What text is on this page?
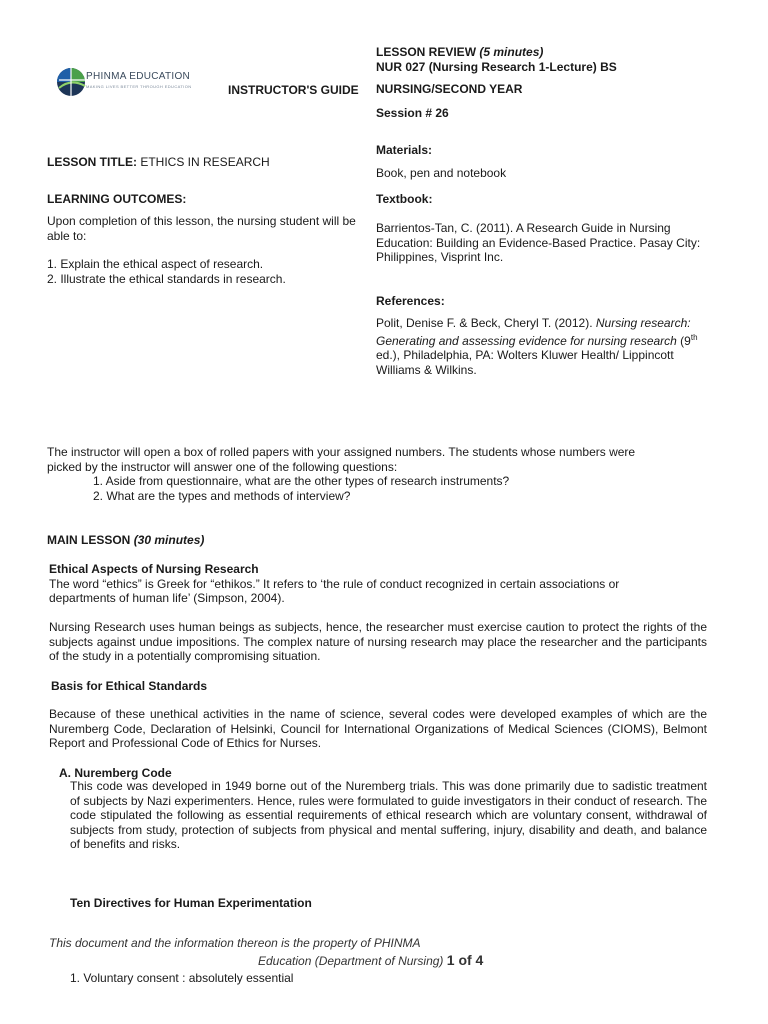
PHINMA EDUCATION
MAKING LIVES BETTER THROUGH EDUCATION	INSTRUCTOR'S GUIDE
LESSON REVIEW (5 minutes)
NUR 027 (Nursing Research 1-Lecture) BS
NURSING/SECOND YEAR
Session # 26
LESSON TITLE: ETHICS IN RESEARCH
LEARNING OUTCOMES:
Upon completion of this lesson, the nursing student will be able to:
1. Explain the ethical aspect of research.
2. Illustrate the ethical standards in research.
Materials:
Book, pen and notebook
Textbook:
Barrientos-Tan, C. (2011). A Research Guide in Nursing Education: Building an Evidence-Based Practice. Pasay City: Philippines, Visprint Inc.
References:
Polit, Denise F. & Beck, Cheryl T. (2012). Nursing research: Generating and assessing evidence for nursing research (9th ed.), Philadelphia, PA: Wolters Kluwer Health/ Lippincott Williams & Wilkins.
The instructor will open a box of rolled papers with your assigned numbers. The students whose numbers were
picked by the instructor will answer one of the following questions:
1. Aside from questionnaire, what are the other types of research instruments?
2. What are the types and methods of interview?
MAIN LESSON (30 minutes)
Ethical Aspects of Nursing Research
The word “ethics” is Greek for “ethikos.” It refers to ‘the rule of conduct recognized in certain associations or
departments of human life’ (Simpson, 2004).
Nursing Research uses human beings as subjects, hence, the researcher must exercise caution to protect the rights of the subjects against undue impositions. The complex nature of nursing research may place the researcher and the participants of the study in a potentially compromising situation.
Basis for Ethical Standards
Because of these unethical activities in the name of science, several codes were developed examples of which are the Nuremberg Code, Declaration of Helsinki, Council for International Organizations of Medical Sciences (CIOMS), Belmont Report and Professional Code of Ethics for Nurses.
A. Nuremberg Code
This code was developed in 1949 borne out of the Nuremberg trials. This was done primarily due to sadistic treatment of subjects by Nazi experimenters. Hence, rules were formulated to guide investigators in their conduct of research. The code stipulated the following as essential requirements of ethical research which are voluntary consent, withdrawal of subjects from study, protection of subjects from physical and mental suffering, injury, disability and death, and balance of benefits and risks.
Ten Directives for Human Experimentation
This document and the information thereon is the property of PHINMA
Education (Department of Nursing) 1 of 4
1. Voluntary consent : absolutely essential
